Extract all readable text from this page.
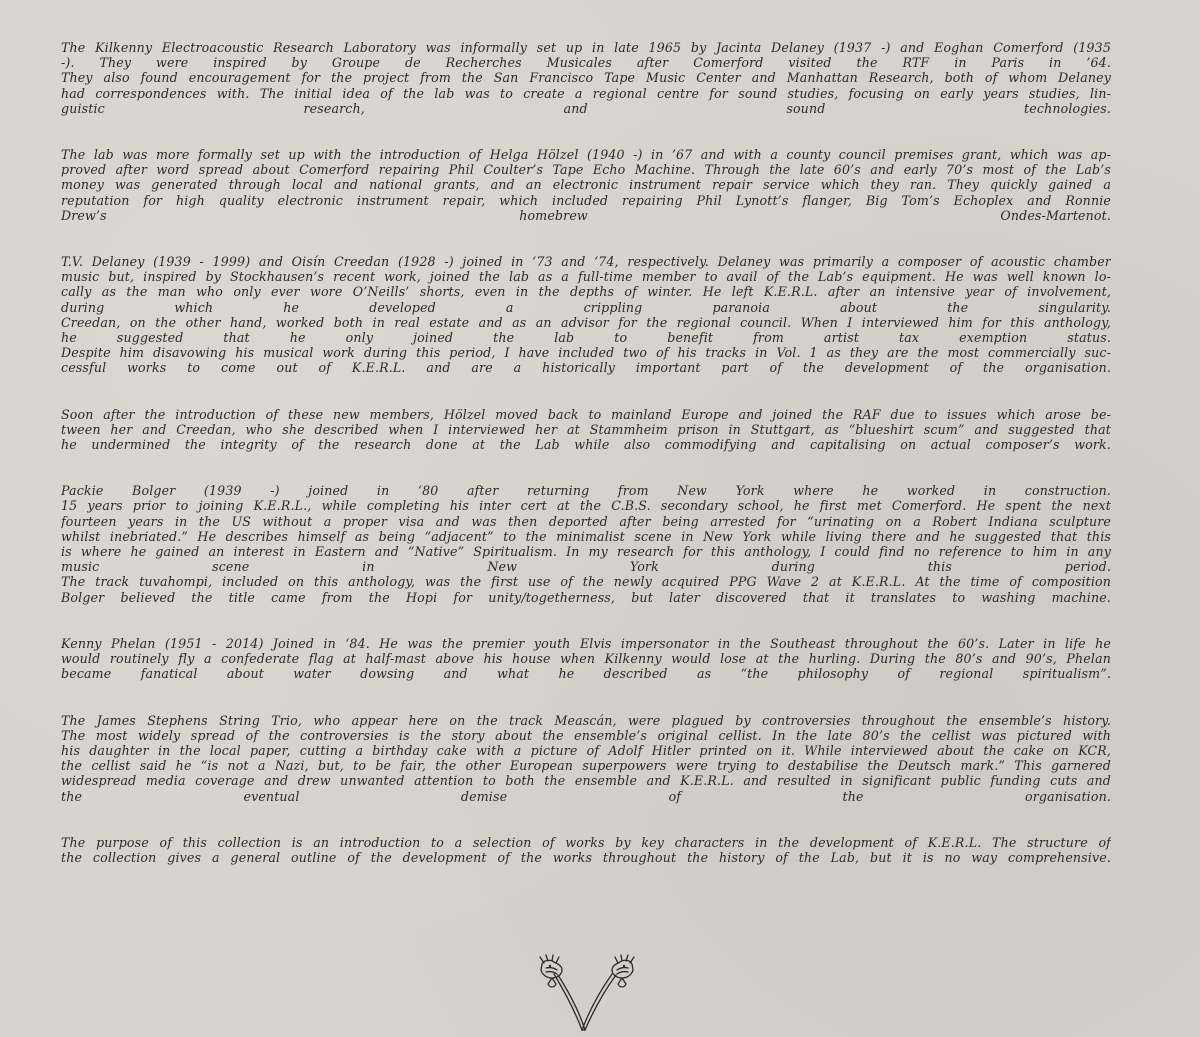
The Kilkenny Electroacoustic Research Laboratory was informally set up in late 1965 by Jacinta Delaney (1937 -) and Eoghan Comerford (1935
-). They were inspired by Groupe de Recherches Musicales after Comerford visited the RTF in Paris in ’64.
They also found encouragement for the project from the San Francisco Tape Music Center and Manhattan Research, both of whom Delaney
had correspondences with. The initial idea of the lab was to create a regional centre for sound studies, focusing on early years studies, lin-
guistic research, and sound technologies.
The lab was more formally set up with the introduction of Helga Hölzel (1940 -) in ’67 and with a county council premises grant, which was ap-
proved after word spread about Comerford repairing Phil Coulter’s Tape Echo Machine. Through the late 60’s and early 70’s most of the Lab’s
money was generated through local and national grants, and an electronic instrument repair service which they ran. They quickly gained a
reputation for high quality electronic instrument repair, which included repairing Phil Lynott’s flanger, Big Tom’s Echoplex and Ronnie
Drew’s homebrew Ondes-Martenot.
T.V. Delaney (1939 - 1999) and Oisín Creedan (1928 -) joined in ‘73 and ‘74, respectively. Delaney was primarily a composer of acoustic chamber
music but, inspired by Stockhausen’s recent work, joined the lab as a full-time member to avail of the Lab’s equipment. He was well known lo-
cally as the man who only ever wore O’Neills’ shorts, even in the depths of winter. He left K.E.R.L. after an intensive year of involvement,
during which he developed a crippling paranoia about the singularity.
Creedan, on the other hand, worked both in real estate and as an advisor for the regional council. When I interviewed him for this anthology,
he suggested that he only joined the lab to benefit from artist tax exemption status.
Despite him disavowing his musical work during this period, I have included two of his tracks in Vol. 1 as they are the most commercially suc-
cessful works to come out of K.E.R.L. and are a historically important part of the development of the organisation.
Soon after the introduction of these new members, Hölzel moved back to mainland Europe and joined the RAF due to issues which arose be-
tween her and Creedan, who she described when I interviewed her at Stammheim prison in Stuttgart, as “blueshirt scum” and suggested that
he undermined the integrity of the research done at the Lab while also commodifying and capitalising on actual composer’s work.
Packie Bolger (1939 -) joined in ‘80 after returning from New York where he worked in construction.
15 years prior to joining K.E.R.L., while completing his inter cert at the C.B.S. secondary school, he first met Comerford. He spent the next
fourteen years in the US without a proper visa and was then deported after being arrested for “urinating on a Robert Indiana sculpture
whilst inebriated.” He describes himself as being “adjacent” to the minimalist scene in New York while living there and he suggested that this
is where he gained an interest in Eastern and “Native” Spiritualism. In my research for this anthology, I could find no reference to him in any
music scene in New York during this period.
The track tuvahompi, included on this anthology, was the first use of the newly acquired PPG Wave 2 at K.E.R.L. At the time of composition
Bolger believed the title came from the Hopi for unity/togetherness, but later discovered that it translates to washing machine.
Kenny Phelan (1951 - 2014) Joined in ‘84. He was the premier youth Elvis impersonator in the Southeast throughout the 60’s. Later in life he
would routinely fly a confederate flag at half-mast above his house when Kilkenny would lose at the hurling. During the 80’s and 90’s, Phelan
became fanatical about water dowsing and what he described as “the philosophy of regional spiritualism”.
The James Stephens String Trio, who appear here on the track Meascán, were plagued by controversies throughout the ensemble’s history.
The most widely spread of the controversies is the story about the ensemble’s original cellist. In the late 80’s the cellist was pictured with
his daughter in the local paper, cutting a birthday cake with a picture of Adolf Hitler printed on it. While interviewed about the cake on KCR,
the cellist said he “is not a Nazi, but, to be fair, the other European superpowers were trying to destabilise the Deutsch mark.” This garnered
widespread media coverage and drew unwanted attention to both the ensemble and K.E.R.L. and resulted in significant public funding cuts and
the eventual demise of the organisation.
The purpose of this collection is an introduction to a selection of works by key characters in the development of K.E.R.L. The structure of
the collection gives a general outline of the development of the works throughout the history of the Lab, but it is no way comprehensive.
